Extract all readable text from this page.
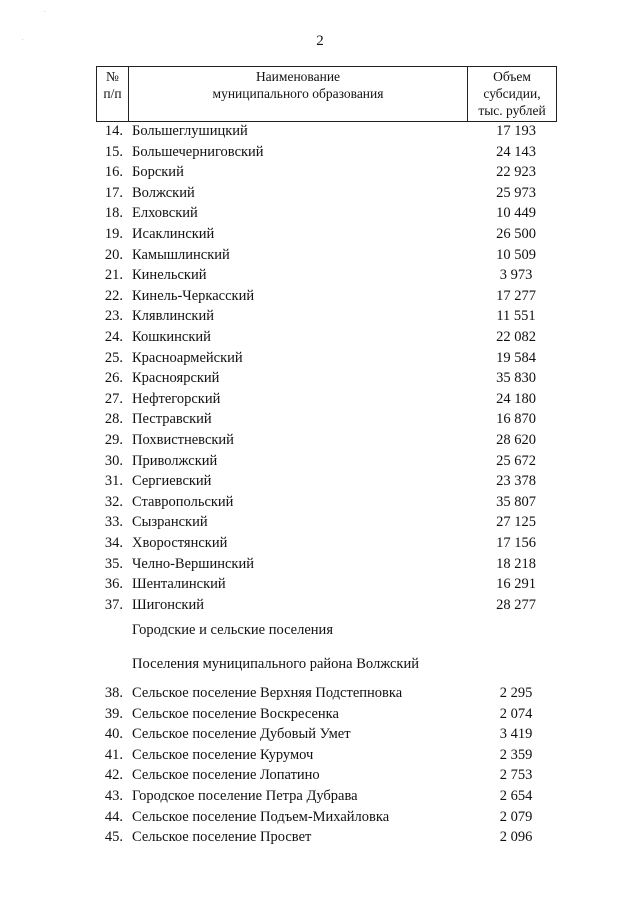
2
№
п/п

Наименование
муниципального образования

Объем
субсидии,
тыс. рублей
14. Большеглушицкий	17 193
15. Большечерниговский	24 143
16. Борский	22 923
17. Волжский	25 973
18. Елховский	10 449
19. Исаклинский	26 500
20. Камышлинский	10 509
21. Кинельский	3 973
22. Кинель-Черкасский	17 277
23. Клявлинский	11 551
24. Кошкинский	22 082
25. Красноармейский	19 584
26. Красноярский	35 830
27. Нефтегорский	24 180
28. Пестравский	16 870
29. Похвистневский	28 620
30. Приволжский	25 672
31. Сергиевский	23 378
32. Ставропольский	35 807
33. Сызранский	27 125
34. Хворостянский	17 156
35. Челно-Вершинский	18 218
36. Шенталинский	16 291
37. Шигонский	28 277
38. Сельское поселение Верхняя Подстепновка	2 295
39. Сельское поселение Воскресенка	2 074
40. Сельское поселение Дубовый Умет	3 419
41. Сельское поселение Курумоч	2 359
42. Сельское поселение Лопатино	2 753
43. Городское поселение Петра Дубрава	2 654
44. Сельское поселение Подъем-Михайловка	2 079
45. Сельское поселение Просвет	2 096
Городские и сельские поселения
Поселения муниципального района Волжский
.
.
